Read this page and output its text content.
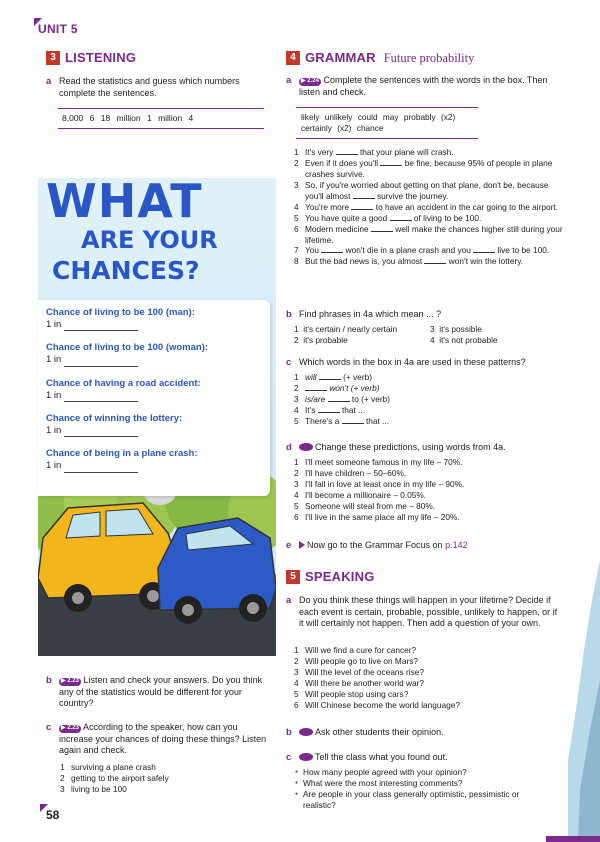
UNIT 5
3 LISTENING
a Read the statistics and guess which numbers complete the sentences.
8,000 6 18 million 1 million 4
WHAT
ARE YOUR
CHANCES?
Chance of living to be 100 (man):
1 in
Chance of living to be 100 (woman):
1 in
Chance of having a road accident:
1 in
Chance of winning the lottery:
1 in
Chance of being in a plane crash:
1 in
b	▶ 2.23 Listen and check your answers. Do you think any of the statistics would be different for your country?
c	▶ 2.23 According to the speaker, how can you increase your chances of doing these things? Listen again and check.
1 surviving a plane crash
2 getting to the airport safely
3 living to be 100
58
4 GRAMMAR Future probability
a	▶ 2.24 Complete the sentences with the words in the box. Then listen and check.
likely unlikely could may probably (x2)
certainly (x2) chance
1 It's very	that your plane will crash.
2 Even if it does you'll	be fine, because 95% of people in plane crashes survive.
3 So, if you're worried about getting on that plane, don't be, because you'll almost	survive the journey.
4 You're more	to have an accident in the car going to the airport.
5 You have quite a good	of living to be 100.
6 Modern medicine	well make the chances higher still during your lifetime.
7 You	won't die in a plane crash and you	live to be 100.
8 But the bad news is, you almost	won't win the lottery.
b Find phrases in 4a which mean ... ?
1 it's certain / nearly certain	3 it's possible
2 it's probable	4 it's not probable
c Which words in the box in 4a are used in these patterns?
1 will	(+ verb)
2	won't (+ verb)
3 is/are	to (+ verb)
4 It's	that ...
5 There's a	that ...
d	Change these predictions, using words from 4a.
1 I'll meet someone famous in my life – 70%.
2 I'll have children – 50–60%.
3 I'll fall in love at least once in my life – 90%.
4 I'll become a millionaire – 0.05%.
5 Someone will steal from me – 80%.
6 I'll live in the same place all my life – 20%.
e	Now go to the Grammar Focus on p.142
5 SPEAKING
a Do you think these things will happen in your lifetime? Decide if each event is certain, probable, possible, unlikely to happen, or if it will certainly not happen. Then add a question of your own.
1 Will we find a cure for cancer?
2 Will people go to live on Mars?
3 Will the level of the oceans rise?
4 Will there be another world war?
5 Will people stop using cars?
6 Will Chinese become the world language?
b	Ask other students their opinion.
c	Tell the class what you found out.
● How many people agreed with your opinion?
● What were the most interesting comments?
● Are people in your class generally optimistic, pessimistic or realistic?
